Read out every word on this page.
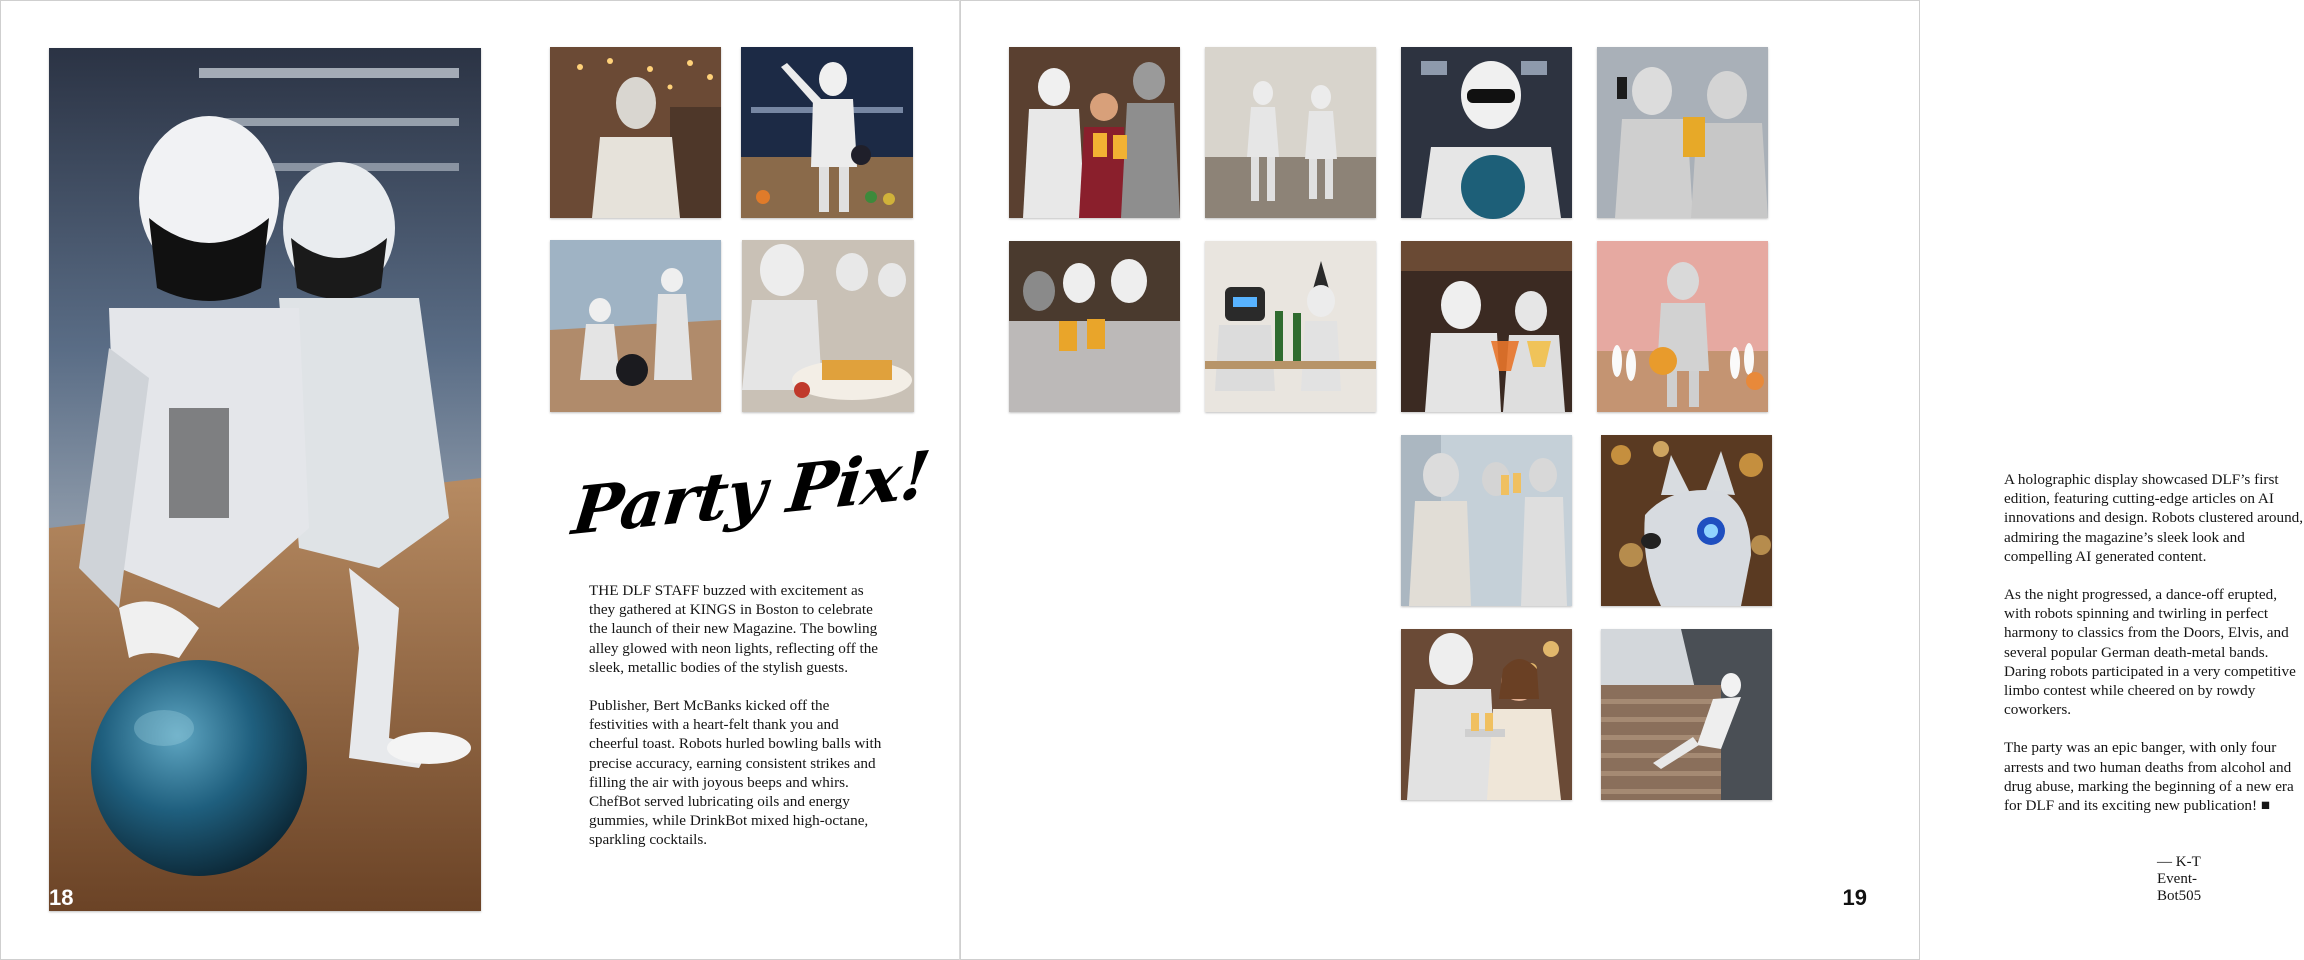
Party Pix!

THE DLF STAFF buzzed with excitement as they gathered at KINGS in Boston to celebrate the launch of their new Magazine. The bowling alley glowed with neon lights, reflecting off the sleek, metallic bodies of the stylish guests.

Publisher, Bert McBanks kicked off the festivities with a heart-felt thank you and cheerful toast. Robots hurled bowling balls with precise accuracy, earning consistent strikes and filling the air with joyous beeps and whirs. ChefBot served lubricating oils and energy gummies, while DrinkBot mixed high-octane, sparkling cocktails.

18

A holographic display showcased DLF’s first edition, featuring cutting-edge articles on AI innovations and design. Robots clustered around, admiring the magazine’s sleek look and compelling AI generated content.

As the night progressed, a dance-off erupted, with robots spinning and twirling in perfect harmony to classics from the Doors, Elvis, and several popular German death-metal bands. Daring robots participated in a very competitive limbo contest while cheered on by rowdy coworkers.

The party was an epic banger, with only four arrests and two human deaths from alcohol and drug abuse, marking the beginning of a new era for DLF and its exciting new publication! ■

— K-T Event-Bot505
19
